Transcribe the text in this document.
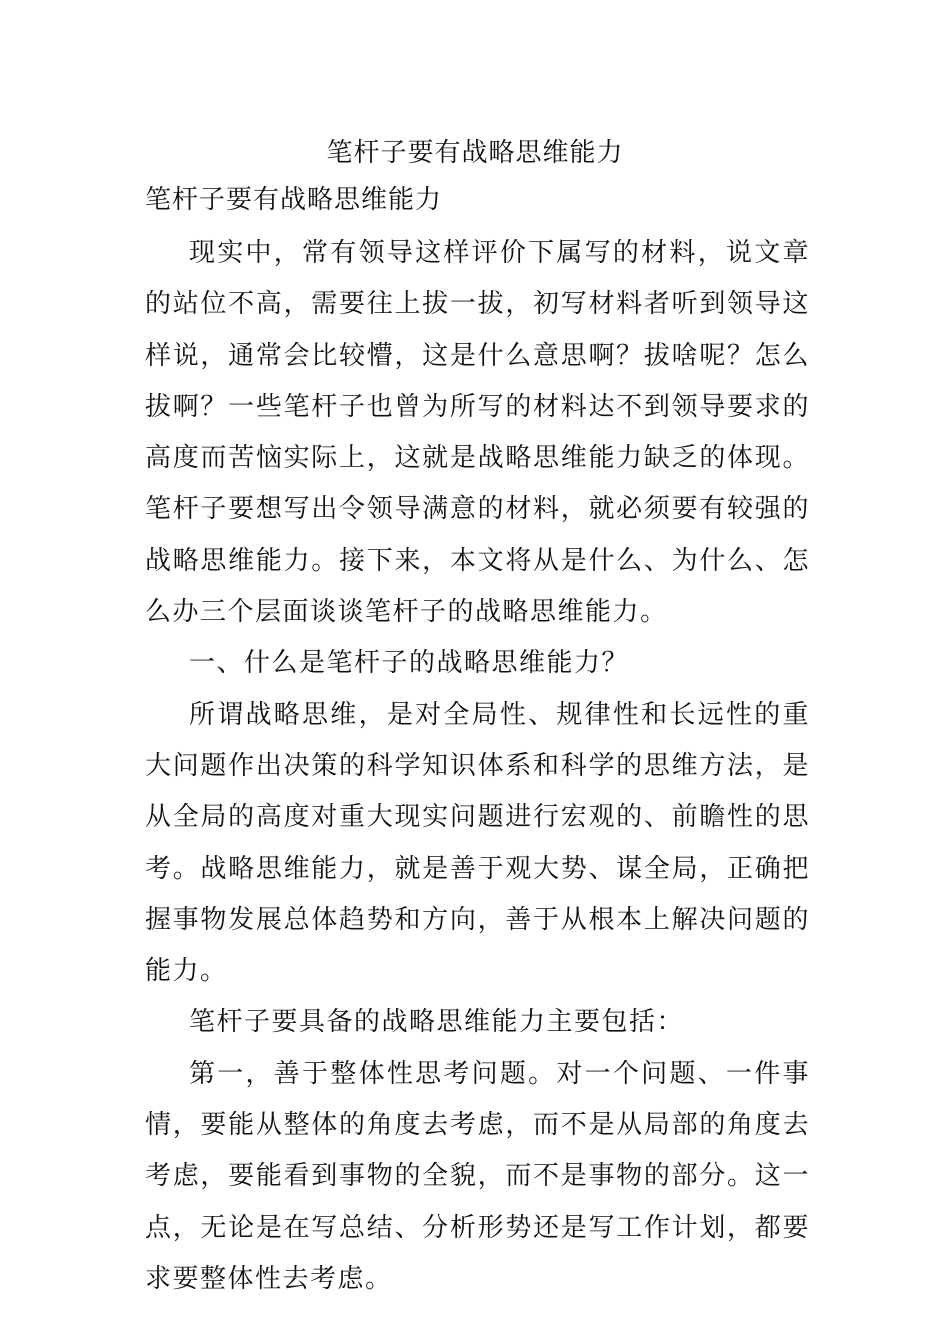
笔杆子要有战略思维能力
笔杆子要有战略思维能力

现实中，常有领导这样评价下属写的材料，说文章的站位不高，需要往上拔一拔，初写材料者听到领导这样说，通常会比较懵，这是什么意思啊？拔啥呢？怎么拔啊？一些笔杆子也曾为所写的材料达不到领导要求的高度而苦恼实际上，这就是战略思维能力缺乏的体现。笔杆子要想写出令领导满意的材料，就必须要有较强的战略思维能力。接下来，本文将从是什么、为什么、怎么办三个层面谈谈笔杆子的战略思维能力。

一、什么是笔杆子的战略思维能力？

所谓战略思维，是对全局性、规律性和长远性的重大问题作出决策的科学知识体系和科学的思维方法，是从全局的高度对重大现实问题进行宏观的、前瞻性的思考。战略思维能力，就是善于观大势、谋全局，正确把握事物发展总体趋势和方向，善于从根本上解决问题的能力。

笔杆子要具备的战略思维能力主要包括：

第一，善于整体性思考问题。对一个问题、一件事情，要能从整体的角度去考虑，而不是从局部的角度去考虑，要能看到事物的全貌，而不是事物的部分。这一点，无论是在写总结、分析形势还是写工作计划，都要求要整体性去考虑。
